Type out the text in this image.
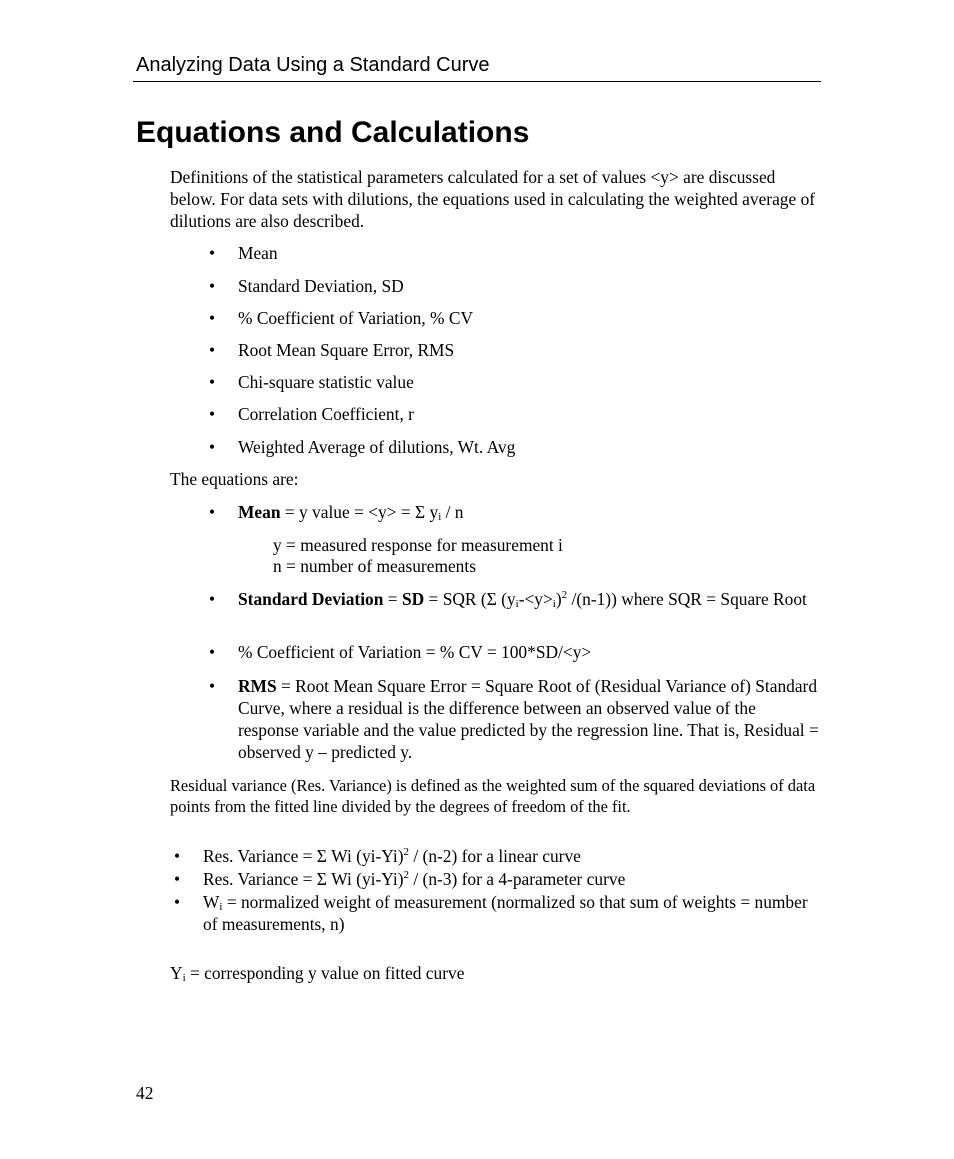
Analyzing Data Using a Standard Curve
Equations and Calculations

Definitions of the statistical parameters calculated for a set of values <y> are discussed below. For data sets with dilutions, the equations used in calculating the weighted average of dilutions are also described.

• Mean
• Standard Deviation, SD
• % Coefficient of Variation, % CV
• Root Mean Square Error, RMS
• Chi-square statistic value
• Correlation Coefficient, r
• Weighted Average of dilutions, Wt. Avg

The equations are:

• Mean = y value = <y> = Σ $y_i$ / n
y = measured response for measurement i
n = number of measurements
• Standard Deviation = SD = SQR (Σ $(y_i-<y>_i)^2$ /(n-1)) where SQR = Square Root
• % Coefficient of Variation = % CV = 100*SD/<y>
• RMS = Root Mean Square Error = Square Root of (Residual Variance of) Standard Curve, where a residual is the difference between an observed value of the response variable and the value predicted by the regression line. That is, Residual = observed y – predicted y.

Residual variance (Res. Variance) is defined as the weighted sum of the squared deviations of data points from the fitted line divided by the degrees of freedom of the fit.

• Res. Variance = Σ Wi $(yi-Yi)^2 / (n-2)$ for a linear curve
• Res. Variance = Σ Wi $(yi-Yi)^2 / (n-3)$ for a 4-parameter curve
• $W_i$ = normalized weight of measurement (normalized so that sum of weights = number of measurements, n)

$Y_i$ = corresponding y value on fitted curve

42
